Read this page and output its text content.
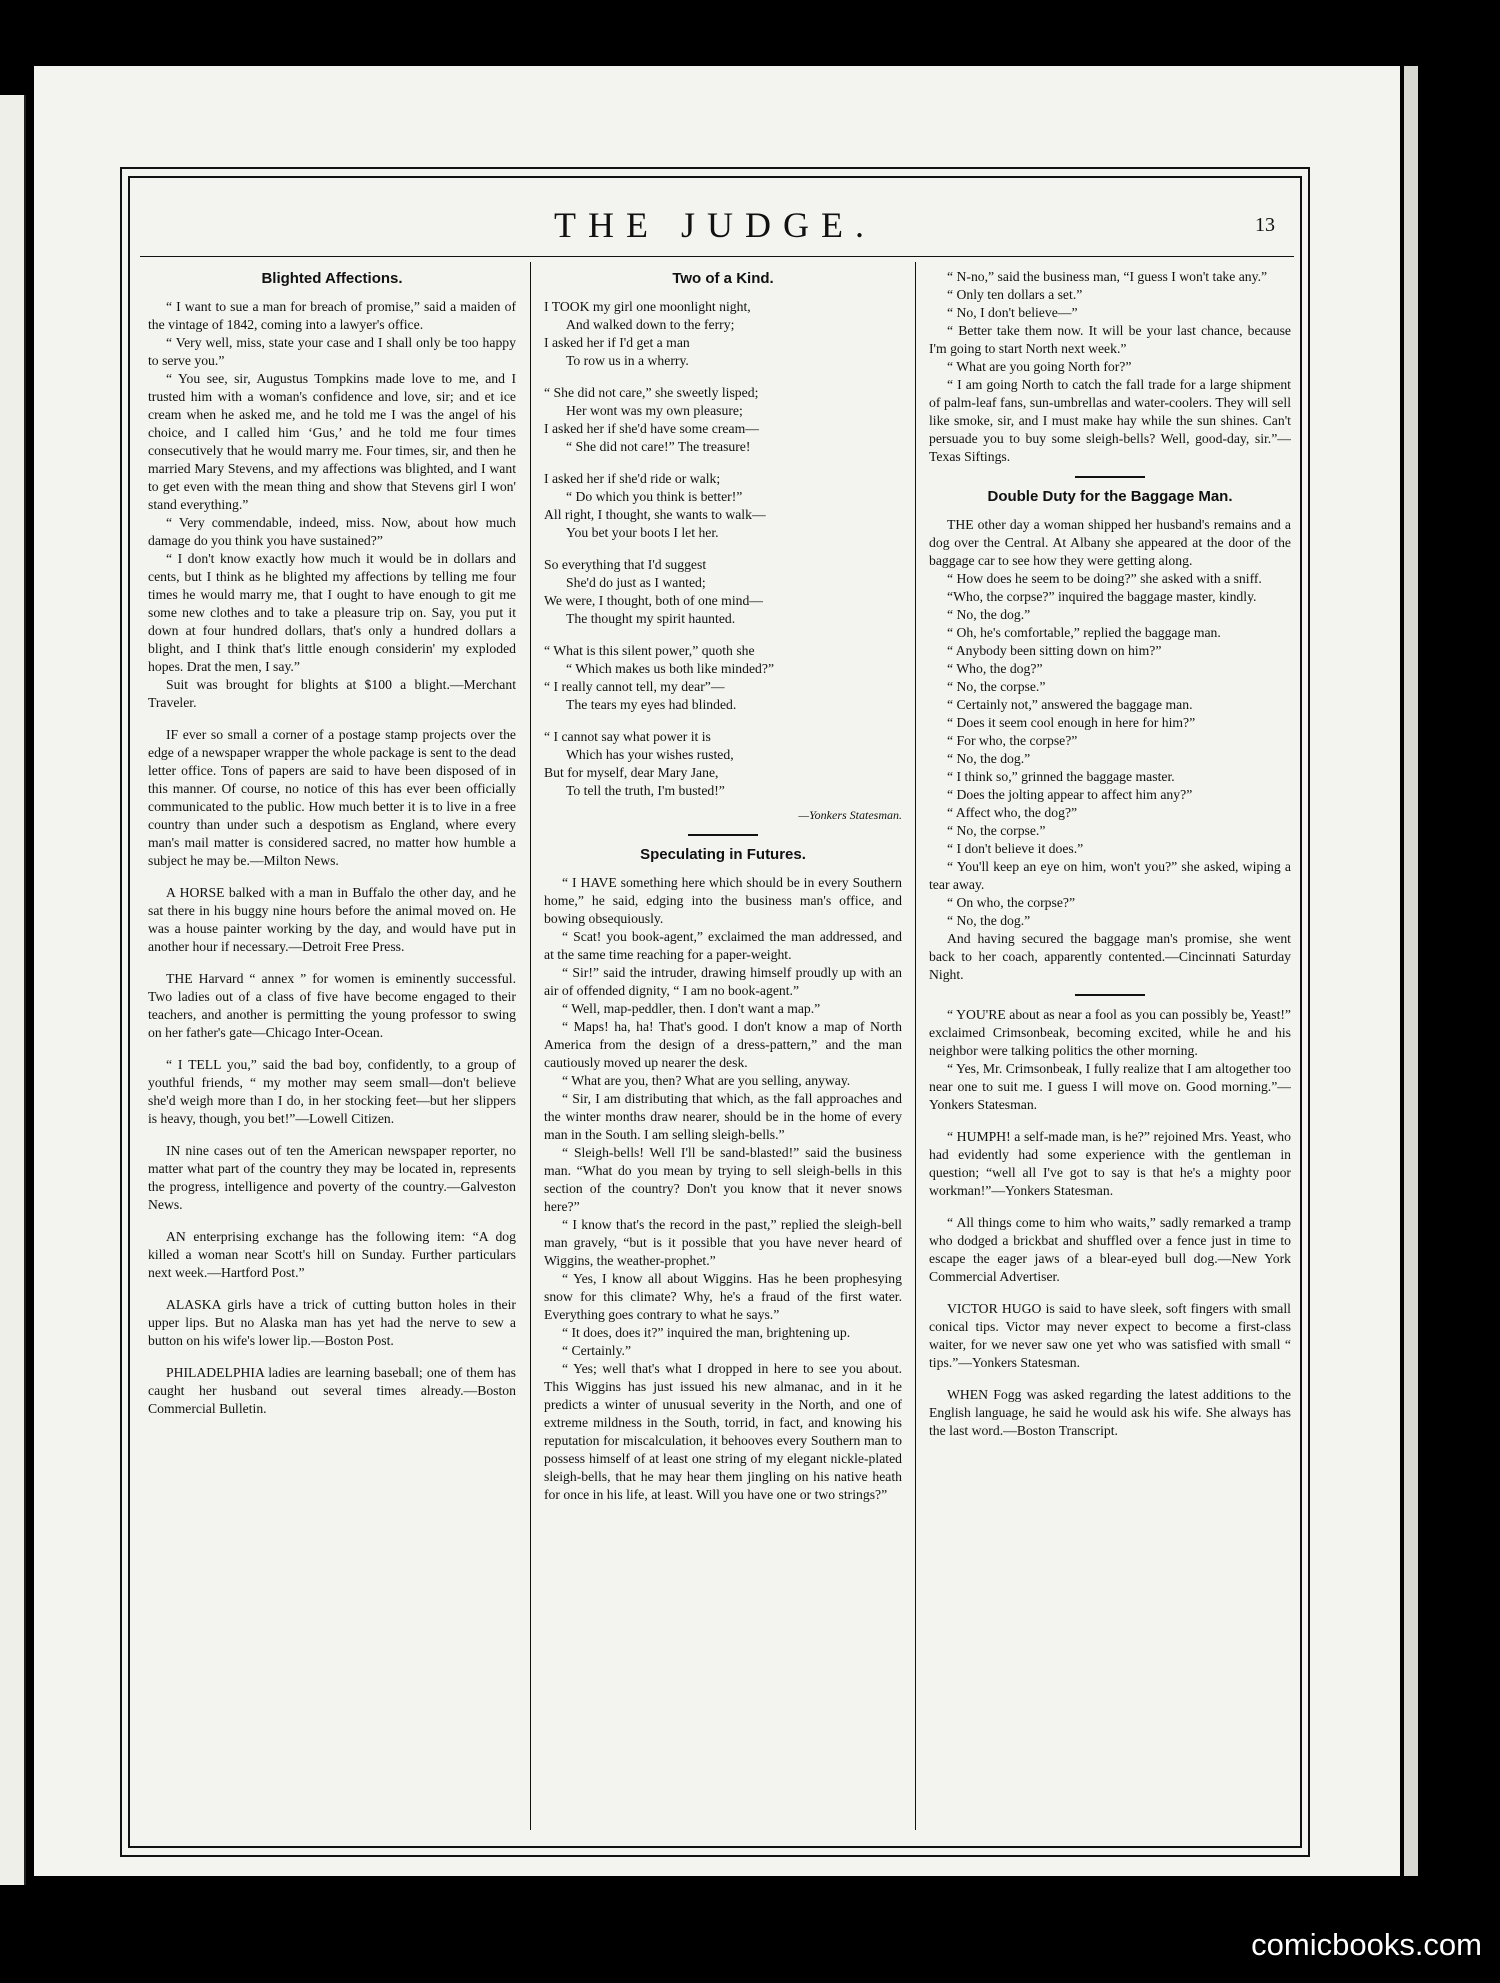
THE JUDGE.	13
Blighted Affections.

“ I want to sue a man for breach of promise,” said a maiden of the vintage of 1842, coming into a lawyer's office.

“ Very well, miss, state your case and I shall only be too happy to serve you.”

“ You see, sir, Augustus Tompkins made love to me, and I trusted him with a woman's confidence and love, sir; and et ice cream when he asked me, and he told me I was the angel of his choice, and I called him ‘Gus,’ and he told me four times consecutively that he would marry me. Four times, sir, and then he married Mary Stevens, and my affections was blighted, and I want to get even with the mean thing and show that Stevens girl I won' stand everything.”

“ Very commendable, indeed, miss. Now, about how much damage do you think you have sustained?”

“ I don't know exactly how much it would be in dollars and cents, but I think as he blighted my affections by telling me four times he would marry me, that I ought to have enough to git me some new clothes and to take a pleasure trip on. Say, you put it down at four hundred dollars, that's only a hundred dollars a blight, and I think that's little enough considerin' my exploded hopes. Drat the men, I say.”

Suit was brought for blights at $100 a blight.—Merchant Traveler.

IF ever so small a corner of a postage stamp projects over the edge of a newspaper wrapper the whole package is sent to the dead letter office. Tons of papers are said to have been disposed of in this manner. Of course, no notice of this has ever been officially communicated to the public. How much better it is to live in a free country than under such a despotism as England, where every man's mail matter is considered sacred, no matter how humble a subject he may be.—Milton News.

A HORSE balked with a man in Buffalo the other day, and he sat there in his buggy nine hours before the animal moved on. He was a house painter working by the day, and would have put in another hour if necessary.—Detroit Free Press.

THE Harvard “ annex ” for women is eminently successful. Two ladies out of a class of five have become engaged to their teachers, and another is permitting the young professor to swing on her father's gate—Chicago Inter-Ocean.

“ I TELL you,” said the bad boy, confidently, to a group of youthful friends, “ my mother may seem small—don't believe she'd weigh more than I do, in her stocking feet—but her slippers is heavy, though, you bet!”—Lowell Citizen.

IN nine cases out of ten the American newspaper reporter, no matter what part of the country they may be located in, represents the progress, intelligence and poverty of the country.—Galveston News.

AN enterprising exchange has the following item: “A dog killed a woman near Scott's hill on Sunday. Further particulars next week.—Hartford Post.”

ALASKA girls have a trick of cutting button holes in their upper lips. But no Alaska man has yet had the nerve to sew a button on his wife's lower lip.—Boston Post.

PHILADELPHIA ladies are learning baseball; one of them has caught her husband out several times already.—Boston Commercial Bulletin.

Two of a Kind.
I TOOK my girl one moonlight night,
And walked down to the ferry;
I asked her if I'd get a man
To row us in a wherry.
“ She did not care,” she sweetly lisped;
Her wont was my own pleasure;
I asked her if she'd have some cream—
“ She did not care!” The treasure!
I asked her if she'd ride or walk;
“ Do which you think is better!”
All right, I thought, she wants to walk—
You bet your boots I let her.
So everything that I'd suggest
She'd do just as I wanted;
We were, I thought, both of one mind—
The thought my spirit haunted.
“ What is this silent power,” quoth she
“ Which makes us both like minded?”
“ I really cannot tell, my dear”—
The tears my eyes had blinded.
“ I cannot say what power it is
Which has your wishes rusted,
But for myself, dear Mary Jane,
To tell the truth, I'm busted!”
—Yonkers Statesman.
Speculating in Futures.

“ I HAVE something here which should be in every Southern home,” he said, edging into the business man's office, and bowing obsequiously.

“ Scat! you book-agent,” exclaimed the man addressed, and at the same time reaching for a paper-weight.

“ Sir!” said the intruder, drawing himself proudly up with an air of offended dignity, “ I am no book-agent.”

“ Well, map-peddler, then. I don't want a map.”

“ Maps! ha, ha! That's good. I don't know a map of North America from the design of a dress-pattern,” and the man cautiously moved up nearer the desk.

“ What are you, then? What are you selling, anyway.

“ Sir, I am distributing that which, as the fall approaches and the winter months draw nearer, should be in the home of every man in the South. I am selling sleigh-bells.”

“ Sleigh-bells! Well I'll be sand-blasted!” said the business man. “What do you mean by trying to sell sleigh-bells in this section of the country? Don't you know that it never snows here?”

“ I know that's the record in the past,” replied the sleigh-bell man gravely, “but is it possible that you have never heard of Wiggins, the weather-prophet.”

“ Yes, I know all about Wiggins. Has he been prophesying snow for this climate? Why, he's a fraud of the first water. Everything goes contrary to what he says.”

“ It does, does it?” inquired the man, brightening up.

“ Certainly.”

“ Yes; well that's what I dropped in here to see you about. This Wiggins has just issued his new almanac, and in it he predicts a winter of unusual severity in the North, and one of extreme mildness in the South, torrid, in fact, and knowing his reputation for miscalculation, it behooves every Southern man to possess himself of at least one string of my elegant nickle-plated sleigh-bells, that he may hear them jingling on his native heath for once in his life, at least. Will you have one or two strings?”

“ N-no,” said the business man, “I guess I won't take any.”

“ Only ten dollars a set.”

“ No, I don't believe—”

“ Better take them now. It will be your last chance, because I'm going to start North next week.”

“ What are you going North for?”

“ I am going North to catch the fall trade for a large shipment of palm-leaf fans, sun-umbrellas and water-coolers. They will sell like smoke, sir, and I must make hay while the sun shines. Can't persuade you to buy some sleigh-bells? Well, good-day, sir.”—Texas Siftings.

Double Duty for the Baggage Man.

THE other day a woman shipped her husband's remains and a dog over the Central. At Albany she appeared at the door of the baggage car to see how they were getting along.

“ How does he seem to be doing?” she asked with a sniff.

“Who, the corpse?” inquired the baggage master, kindly.

“ No, the dog.”

“ Oh, he's comfortable,” replied the baggage man.

“ Anybody been sitting down on him?”

“ Who, the dog?”

“ No, the corpse.”

“ Certainly not,” answered the baggage man.

“ Does it seem cool enough in here for him?”

“ For who, the corpse?”

“ No, the dog.”

“ I think so,” grinned the baggage master.

“ Does the jolting appear to affect him any?”

“ Affect who, the dog?”

“ No, the corpse.”

“ I don't believe it does.”

“ You'll keep an eye on him, won't you?” she asked, wiping a tear away.

“ On who, the corpse?”

“ No, the dog.”

And having secured the baggage man's promise, she went back to her coach, apparently contented.—Cincinnati Saturday Night.

“ YOU'RE about as near a fool as you can possibly be, Yeast!” exclaimed Crimsonbeak, becoming excited, while he and his neighbor were talking politics the other morning.

“ Yes, Mr. Crimsonbeak, I fully realize that I am altogether too near one to suit me. I guess I will move on. Good morning.”—Yonkers Statesman.

“ HUMPH! a self-made man, is he?” rejoined Mrs. Yeast, who had evidently had some experience with the gentleman in question; “well all I've got to say is that he's a mighty poor workman!”—Yonkers Statesman.

“ All things come to him who waits,” sadly remarked a tramp who dodged a brickbat and shuffled over a fence just in time to escape the eager jaws of a blear-eyed bull dog.—New York Commercial Advertiser.

VICTOR HUGO is said to have sleek, soft fingers with small conical tips. Victor may never expect to become a first-class waiter, for we never saw one yet who was satisfied with small “ tips.”—Yonkers Statesman.

WHEN Fogg was asked regarding the latest additions to the English language, he said he would ask his wife. She always has the last word.—Boston Transcript.

comicbooks.com
